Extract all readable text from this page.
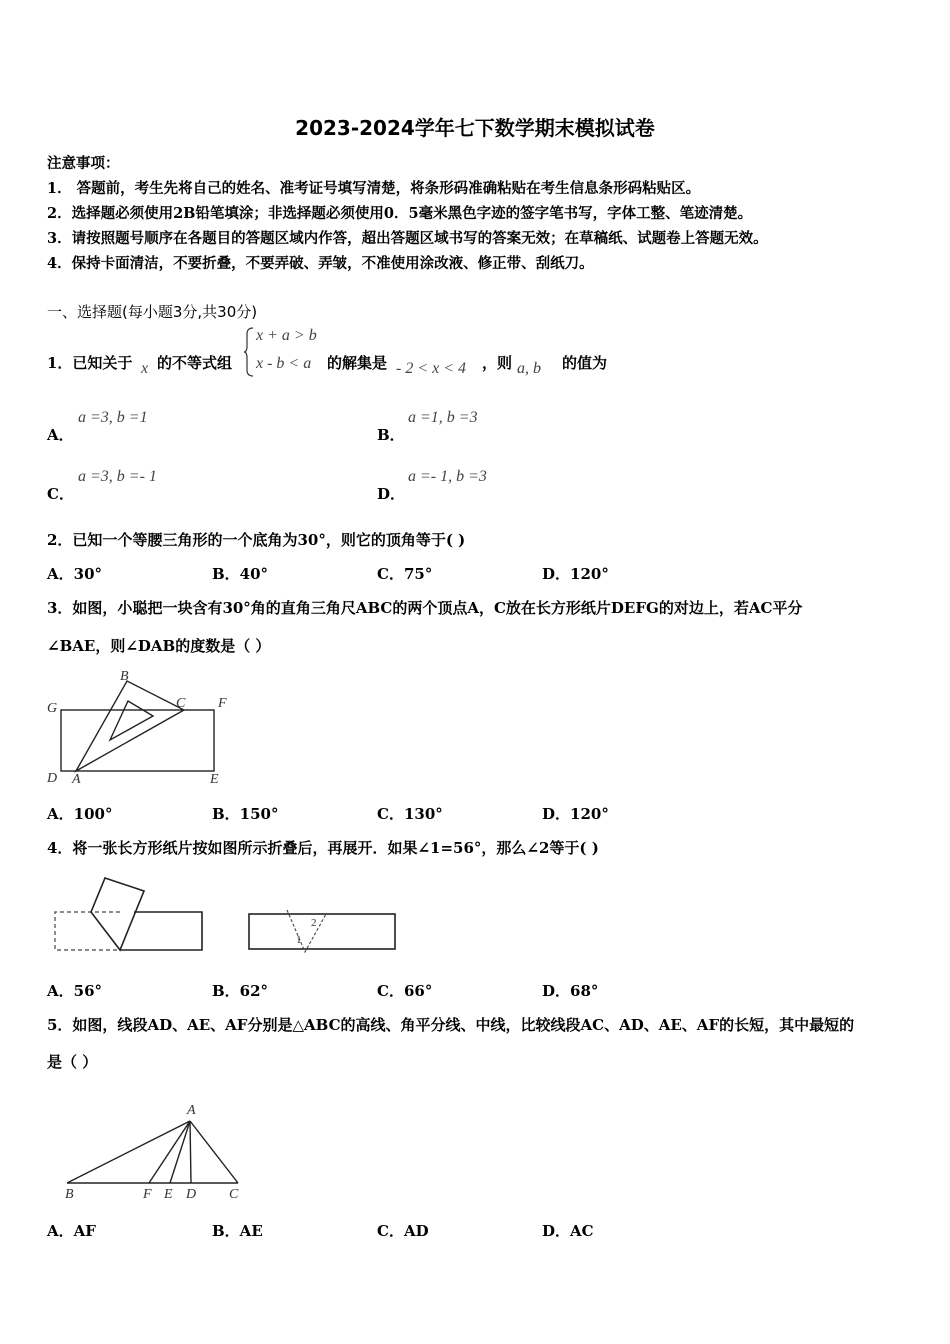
2023-2024学年七下数学期末模拟试卷
注意事项：
1． 答题前，考生先将自己的姓名、准考证号填写清楚，将条形码准确粘贴在考生信息条形码粘贴区。
2．选择题必须使用2B铅笔填涂；非选择题必须使用0．5毫米黑色字迹的签字笔书写，字体工整、笔迹清楚。
3．请按照题号顺序在各题目的答题区域内作答，超出答题区域书写的答案无效；在草稿纸、试题卷上答题无效。
4．保持卡面清洁，不要折叠，不要弄破、弄皱，不准使用涂改液、修正带、刮纸刀。
一、选择题(每小题3分,共30分)
1．已知关于 x 的不等式组
x + a > b
x - b < a 的解集是 - 2 < x < 4 ，则 a, b 的值为
A．
a =3, b =1
B．
a =1, b =3
C．
a =3, b =- 1
D．
a =- 1, b =3
2．已知一个等腰三角形的一个底角为30°，则它的顶角等于( )
A．30°	B．40°	C．75°	D．120°
3．如图，小聪把一块含有30°角的直角三角尺ABC的两个顶点A，C放在长方形纸片DEFG的对边上，若AC平分
∠BAE，则∠DAB的度数是（ ）
B
G	C F
D A	E
A．100°	B．150°	C．130°	D．120°
4．将一张长方形纸片按如图所示折叠后，再展开．如果∠1=56°，那么∠2等于( )
2
1
A．56°	B．62°	C．66°	D．68°
5．如图，线段AD、AE、AF分别是△ABC的高线、角平分线、中线，比较线段AC、AD、AE、AF的长短，其中最短的
是（ ）
A
B	F E D C
A．AF	B．AE	C．AD	D．AC
